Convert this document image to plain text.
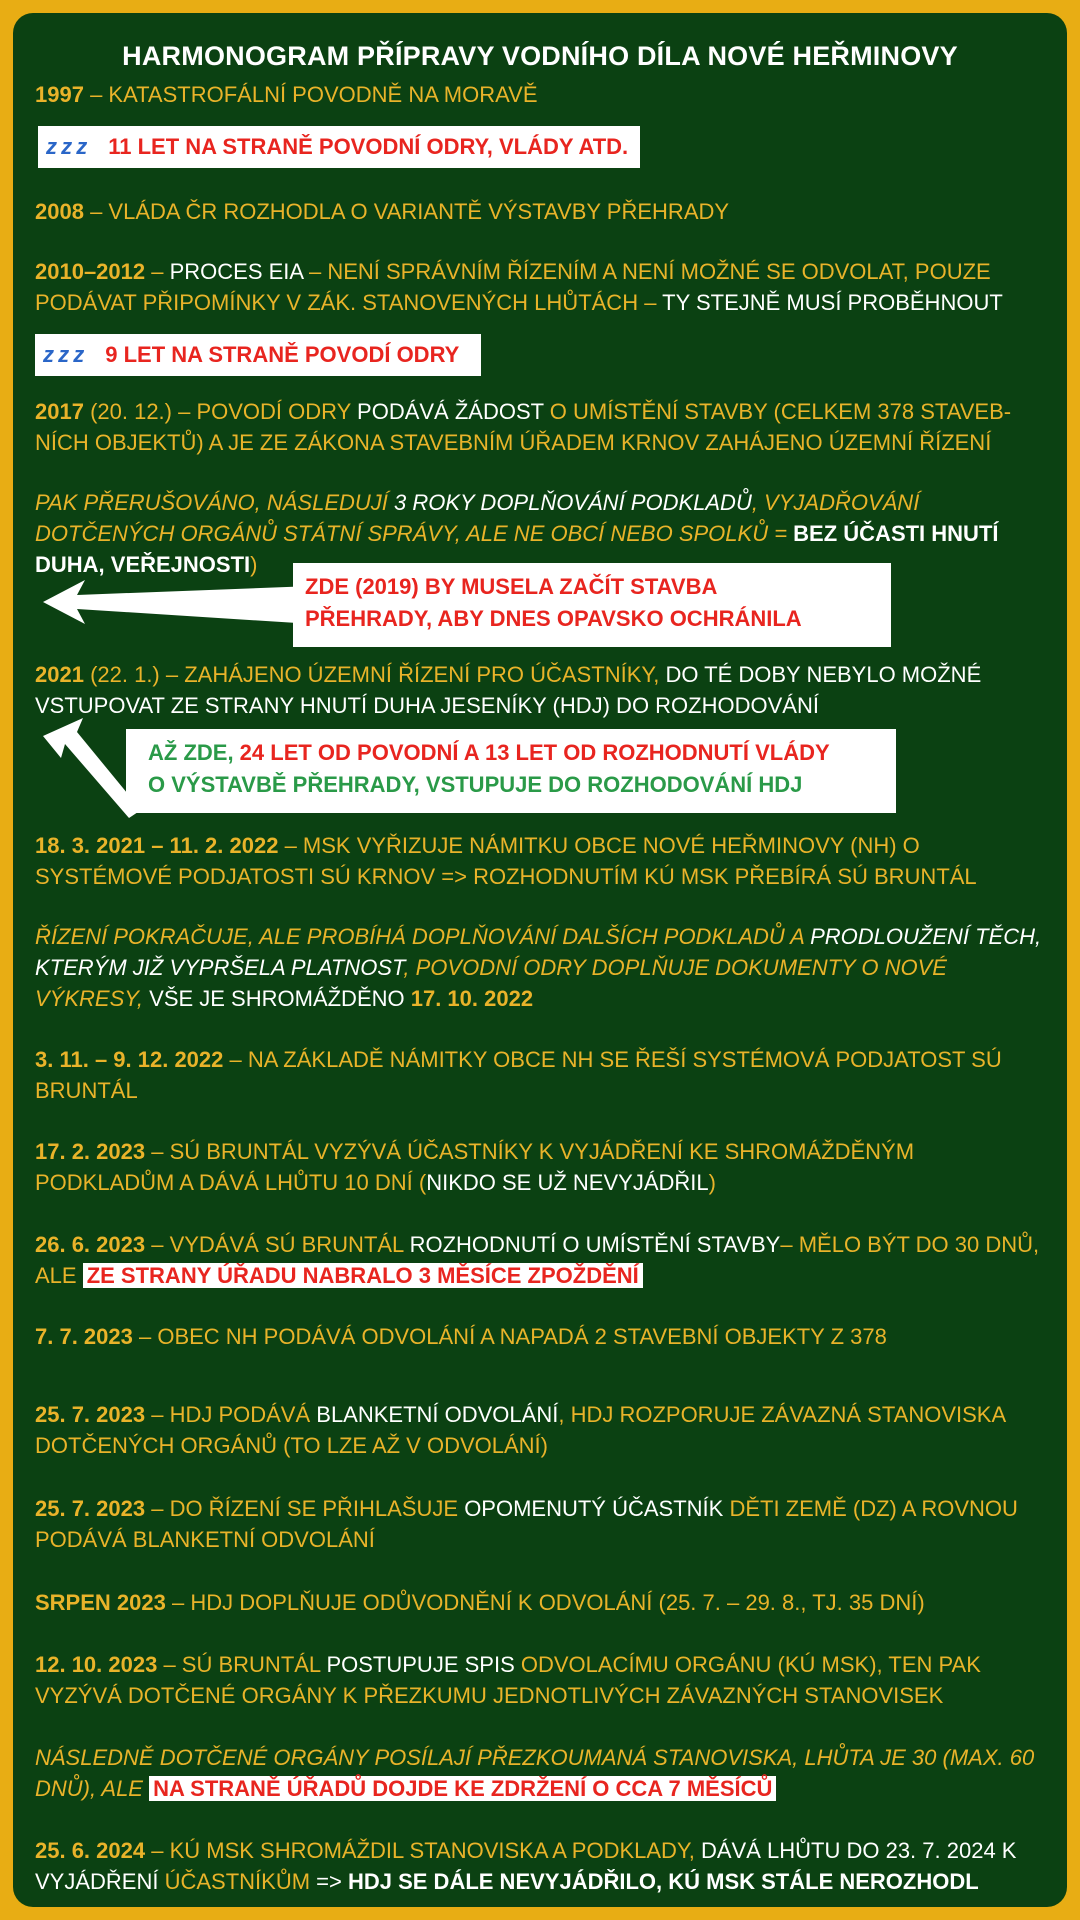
HARMONOGRAM PŘÍPRAVY VODNÍHO DÍLA NOVÉ HEŘMINOVY
1997 – KATASTROFÁLNÍ POVODNĚ NA MORAVĚ
z z z 11 LET NA STRANĚ POVODNÍ ODRY, VLÁDY ATD.
2008 – VLÁDA ČR ROZHODLA O VARIANTĚ VÝSTAVBY PŘEHRADY
2010–2012 – PROCES EIA – NENÍ SPRÁVNÍM ŘÍZENÍM A NENÍ MOŽNÉ SE ODVOLAT, POUZE PODÁVAT PŘIPOMÍNKY V ZÁK. STANOVENÝCH LHŮTÁCH – TY STEJNĚ MUSÍ PROBĚHNOUT
z z z 9 LET NA STRANĚ POVODÍ ODRY
2017 (20. 12.) – POVODÍ ODRY PODÁVÁ ŽÁDOST O UMÍSTĚNÍ STAVBY (CELKEM 378 STAVEB-NÍCH OBJEKTŮ) A JE ZE ZÁKONA STAVEBNÍM ÚŘADEM KRNOV ZAHÁJENO ÚZEMNÍ ŘÍZENÍ
PAK PŘERUŠOVÁNO, NÁSLEDUJÍ 3 ROKY DOPLŇOVÁNÍ PODKLADŮ, VYJADŘOVÁNÍ DOTČENÝCH ORGÁNŮ STÁTNÍ SPRÁVY, ALE NE OBCÍ NEBO SPOLKŮ = BEZ ÚČASTI HNUTÍ DUHA, VEŘEJNOSTI)
ZDE (2019) BY MUSELA ZAČÍT STAVBA
PŘEHRADY, ABY DNES OPAVSKO OCHRÁNILA
2021 (22. 1.) – ZAHÁJENO ÚZEMNÍ ŘÍZENÍ PRO ÚČASTNÍKY, DO TÉ DOBY NEBYLO MOŽNÉ VSTUPOVAT ZE STRANY HNUTÍ DUHA JESENÍKY (HDJ) DO ROZHODOVÁNÍ
AŽ ZDE, 24 LET OD POVODNÍ A 13 LET OD ROZHODNUTÍ VLÁDY
O VÝSTAVBĚ PŘEHRADY, VSTUPUJE DO ROZHODOVÁNÍ HDJ
18. 3. 2021 – 11. 2. 2022 – MSK VYŘIZUJE NÁMITKU OBCE NOVÉ HEŘMINOVY (NH) O SYSTÉMOVÉ PODJATOSTI SÚ KRNOV => ROZHODNUTÍM KÚ MSK PŘEBÍRÁ SÚ BRUNTÁL
ŘÍZENÍ POKRAČUJE, ALE PROBÍHÁ DOPLŇOVÁNÍ DALŠÍCH PODKLADŮ A PRODLOUŽENÍ TĚCH, KTERÝM JIŽ VYPRŠELA PLATNOST, POVODNÍ ODRY DOPLŇUJE DOKUMENTY O NOVÉ VÝKRESY, VŠE JE SHROMÁŽDĚNO 17. 10. 2022
3. 11. – 9. 12. 2022 – NA ZÁKLADĚ NÁMITKY OBCE NH SE ŘEŠÍ SYSTÉMOVÁ PODJATOST SÚ BRUNTÁL
17. 2. 2023 – SÚ BRUNTÁL VYZÝVÁ ÚČASTNÍKY K VYJÁDŘENÍ KE SHROMÁŽDĚNÝM PODKLADŮM A DÁVÁ LHŮTU 10 DNÍ (NIKDO SE UŽ NEVYJÁDŘIL)
26. 6. 2023 – VYDÁVÁ SÚ BRUNTÁL ROZHODNUTÍ O UMÍSTĚNÍ STAVBY– MĚLO BÝT DO 30 DNŮ, ALE ZE STRANY ÚŘADU NABRALO 3 MĚSÍCE ZPOŽDĚNÍ
7. 7. 2023 – OBEC NH PODÁVÁ ODVOLÁNÍ A NAPADÁ 2 STAVEBNÍ OBJEKTY Z 378
25. 7. 2023 – HDJ PODÁVÁ BLANKETNÍ ODVOLÁNÍ, HDJ ROZPORUJE ZÁVAZNÁ STANOVISKA DOTČENÝCH ORGÁNŮ (TO LZE AŽ V ODVOLÁNÍ)
25. 7. 2023 – DO ŘÍZENÍ SE PŘIHLAŠUJE OPOMENUTÝ ÚČASTNÍK DĚTI ZEMĚ (DZ) A ROVNOU PODÁVÁ BLANKETNÍ ODVOLÁNÍ
SRPEN 2023 – HDJ DOPLŇUJE ODŮVODNĚNÍ K ODVOLÁNÍ (25. 7. – 29. 8., TJ. 35 DNÍ)
12. 10. 2023 – SÚ BRUNTÁL POSTUPUJE SPIS ODVOLACÍMU ORGÁNU (KÚ MSK), TEN PAK VYZÝVÁ DOTČENÉ ORGÁNY K PŘEZKUMU JEDNOTLIVÝCH ZÁVAZNÝCH STANOVISEK
NÁSLEDNĚ DOTČENÉ ORGÁNY POSÍLAJÍ PŘEZKOUMANÁ STANOVISKA, LHŮTA JE 30 (MAX. 60 DNŮ), ALE NA STRANĚ ÚŘADŮ DOJDE KE ZDRŽENÍ O CCA 7 MĚSÍCŮ
25. 6. 2024 – KÚ MSK SHROMÁŽDIL STANOVISKA A PODKLADY, DÁVÁ LHŮTU DO 23. 7. 2024 K VYJÁDŘENÍ ÚČASTNÍKŮM => HDJ SE DÁLE NEVYJÁDŘILO, KÚ MSK STÁLE NEROZHODL
